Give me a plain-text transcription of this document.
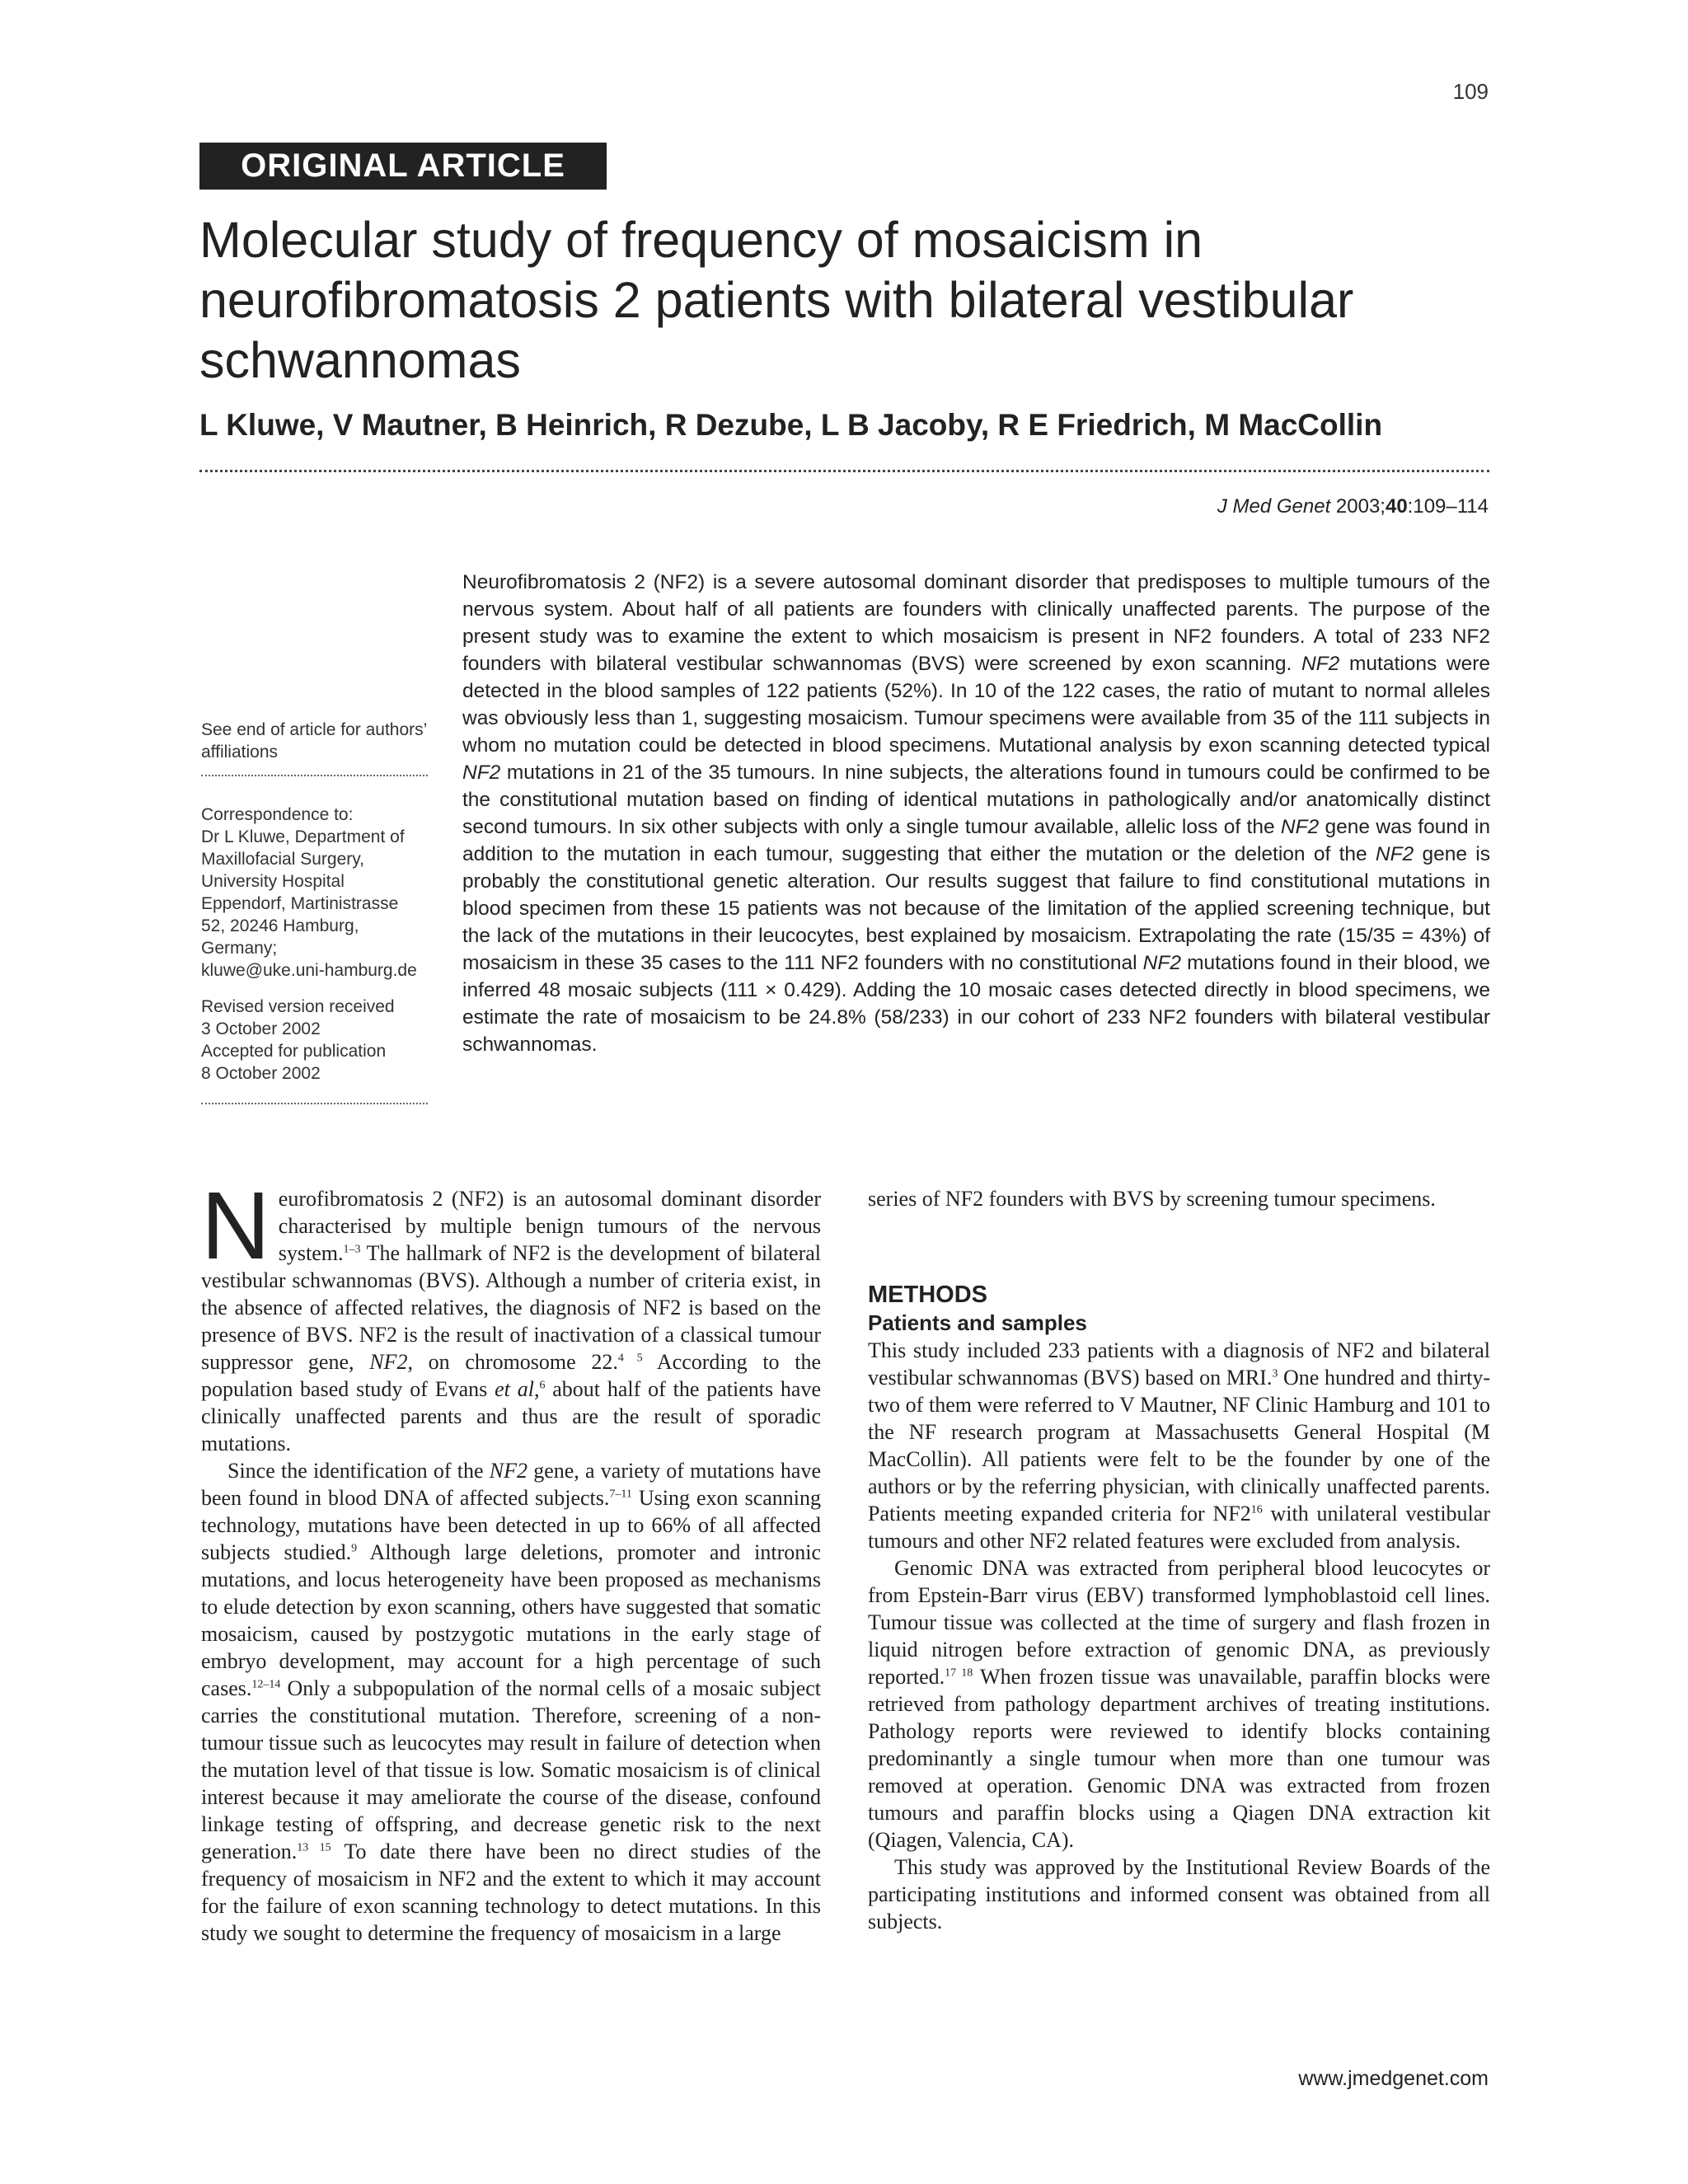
109
ORIGINAL ARTICLE
Molecular study of frequency of mosaicism in neurofibromatosis 2 patients with bilateral vestibular schwannomas
L Kluwe, V Mautner, B Heinrich, R Dezube, L B Jacoby, R E Friedrich, M MacCollin
J Med Genet 2003;40:109–114
See end of article for authors’ affiliations
Correspondence to:
Dr L Kluwe, Department of
Maxillofacial Surgery,
University Hospital
Eppendorf, Martinistrasse
52, 20246 Hamburg,
Germany;
kluwe@uke.uni-hamburg.de
Revised version received
3 October 2002
Accepted for publication
8 October 2002

Neurofibromatosis 2 (NF2) is a severe autosomal dominant disorder that predisposes to multiple tumours of the nervous system. About half of all patients are founders with clinically unaffected parents. The purpose of the present study was to examine the extent to which mosaicism is present in NF2 founders. A total of 233 NF2 founders with bilateral vestibular schwannomas (BVS) were screened by exon scanning. NF2 mutations were detected in the blood samples of 122 patients (52%). In 10 of the 122 cases, the ratio of mutant to normal alleles was obviously less than 1, suggesting mosaicism. Tumour specimens were available from 35 of the 111 subjects in whom no mutation could be detected in blood specimens. Mutational analysis by exon scanning detected typical NF2 mutations in 21 of the 35 tumours. In nine subjects, the alterations found in tumours could be confirmed to be the constitutional mutation based on finding of identical mutations in pathologically and/or anatomically distinct second tumours. In six other subjects with only a single tumour available, allelic loss of the NF2 gene was found in addition to the mutation in each tumour, suggesting that either the mutation or the deletion of the NF2 gene is probably the constitutional genetic alteration. Our results suggest that failure to find constitutional mutations in blood specimen from these 15 patients was not because of the limitation of the applied screening technique, but the lack of the mutations in their leucocytes, best explained by mosaicism. Extrapolating the rate (15/35 = 43%) of mosaicism in these 35 cases to the 111 NF2 founders with no constitutional NF2 mutations found in their blood, we inferred 48 mosaic subjects (111 × 0.429). Adding the 10 mosaic cases detected directly in blood specimens, we estimate the rate of mosaicism to be 24.8% (58/233) in our cohort of 233 NF2 founders with bilateral vestibular schwannomas.

Neurofibromatosis 2 (NF2) is an autosomal dominant disorder characterised by multiple benign tumours of the nervous system.$^{1-3}$ The hallmark of NF2 is the development of bilateral vestibular schwannomas (BVS). Although a number of criteria exist, in the absence of affected relatives, the diagnosis of NF2 is based on the presence of BVS. NF2 is the result of inactivation of a classical tumour suppressor gene, NF2, on chromosome 22.$^{4 5}$ According to the population based study of Evans et al,$^6$ about half of the patients have clinically unaffected parents and thus are the result of sporadic mutations.

Since the identification of the NF2 gene, a variety of mutations have been found in blood DNA of affected subjects.$^{7-11}$ Using exon scanning technology, mutations have been detected in up to 66% of all affected subjects studied.$^9$ Although large deletions, promoter and intronic mutations, and locus heterogeneity have been proposed as mechanisms to elude detection by exon scanning, others have suggested that somatic mosaicism, caused by postzygotic mutations in the early stage of embryo development, may account for a high percentage of such cases.$^{12-14}$ Only a subpopulation of the normal cells of a mosaic subject carries the constitutional mutation. Therefore, screening of a non-tumour tissue such as leucocytes may result in failure of detection when the mutation level of that tissue is low. Somatic mosaicism is of clinical interest because it may ameliorate the course of the disease, confound linkage testing of offspring, and decrease genetic risk to the next generation.$^{13 15}$ To date there have been no direct studies of the frequency of mosaicism in NF2 and the extent to which it may account for the failure of exon scanning technology to detect mutations. In this study we sought to determine the frequency of mosaicism in a large

series of NF2 founders with BVS by screening tumour specimens.

METHODS

Patients and samples

This study included 233 patients with a diagnosis of NF2 and bilateral vestibular schwannomas (BVS) based on MRI.$^3$ One hundred and thirty-two of them were referred to V Mautner, NF Clinic Hamburg and 101 to the NF research program at Massachusetts General Hospital (M MacCollin). All patients were felt to be the founder by one of the authors or by the referring physician, with clinically unaffected parents. Patients meeting expanded criteria for $NF2^{16}$ with unilateral vestibular tumours and other NF2 related features were excluded from analysis.

Genomic DNA was extracted from peripheral blood leucocytes or from Epstein-Barr virus (EBV) transformed lymphoblastoid cell lines. Tumour tissue was collected at the time of surgery and flash frozen in liquid nitrogen before extraction of genomic DNA, as previously reported.$^{17 18}$ When frozen tissue was unavailable, paraffin blocks were retrieved from pathology department archives of treating institutions. Pathology reports were reviewed to identify blocks containing predominantly a single tumour when more than one tumour was removed at operation. Genomic DNA was extracted from frozen tumours and paraffin blocks using a Qiagen DNA extraction kit (Qiagen, Valencia, CA).

This study was approved by the Institutional Review Boards of the participating institutions and informed consent was obtained from all subjects.

www.jmedgenet.com
